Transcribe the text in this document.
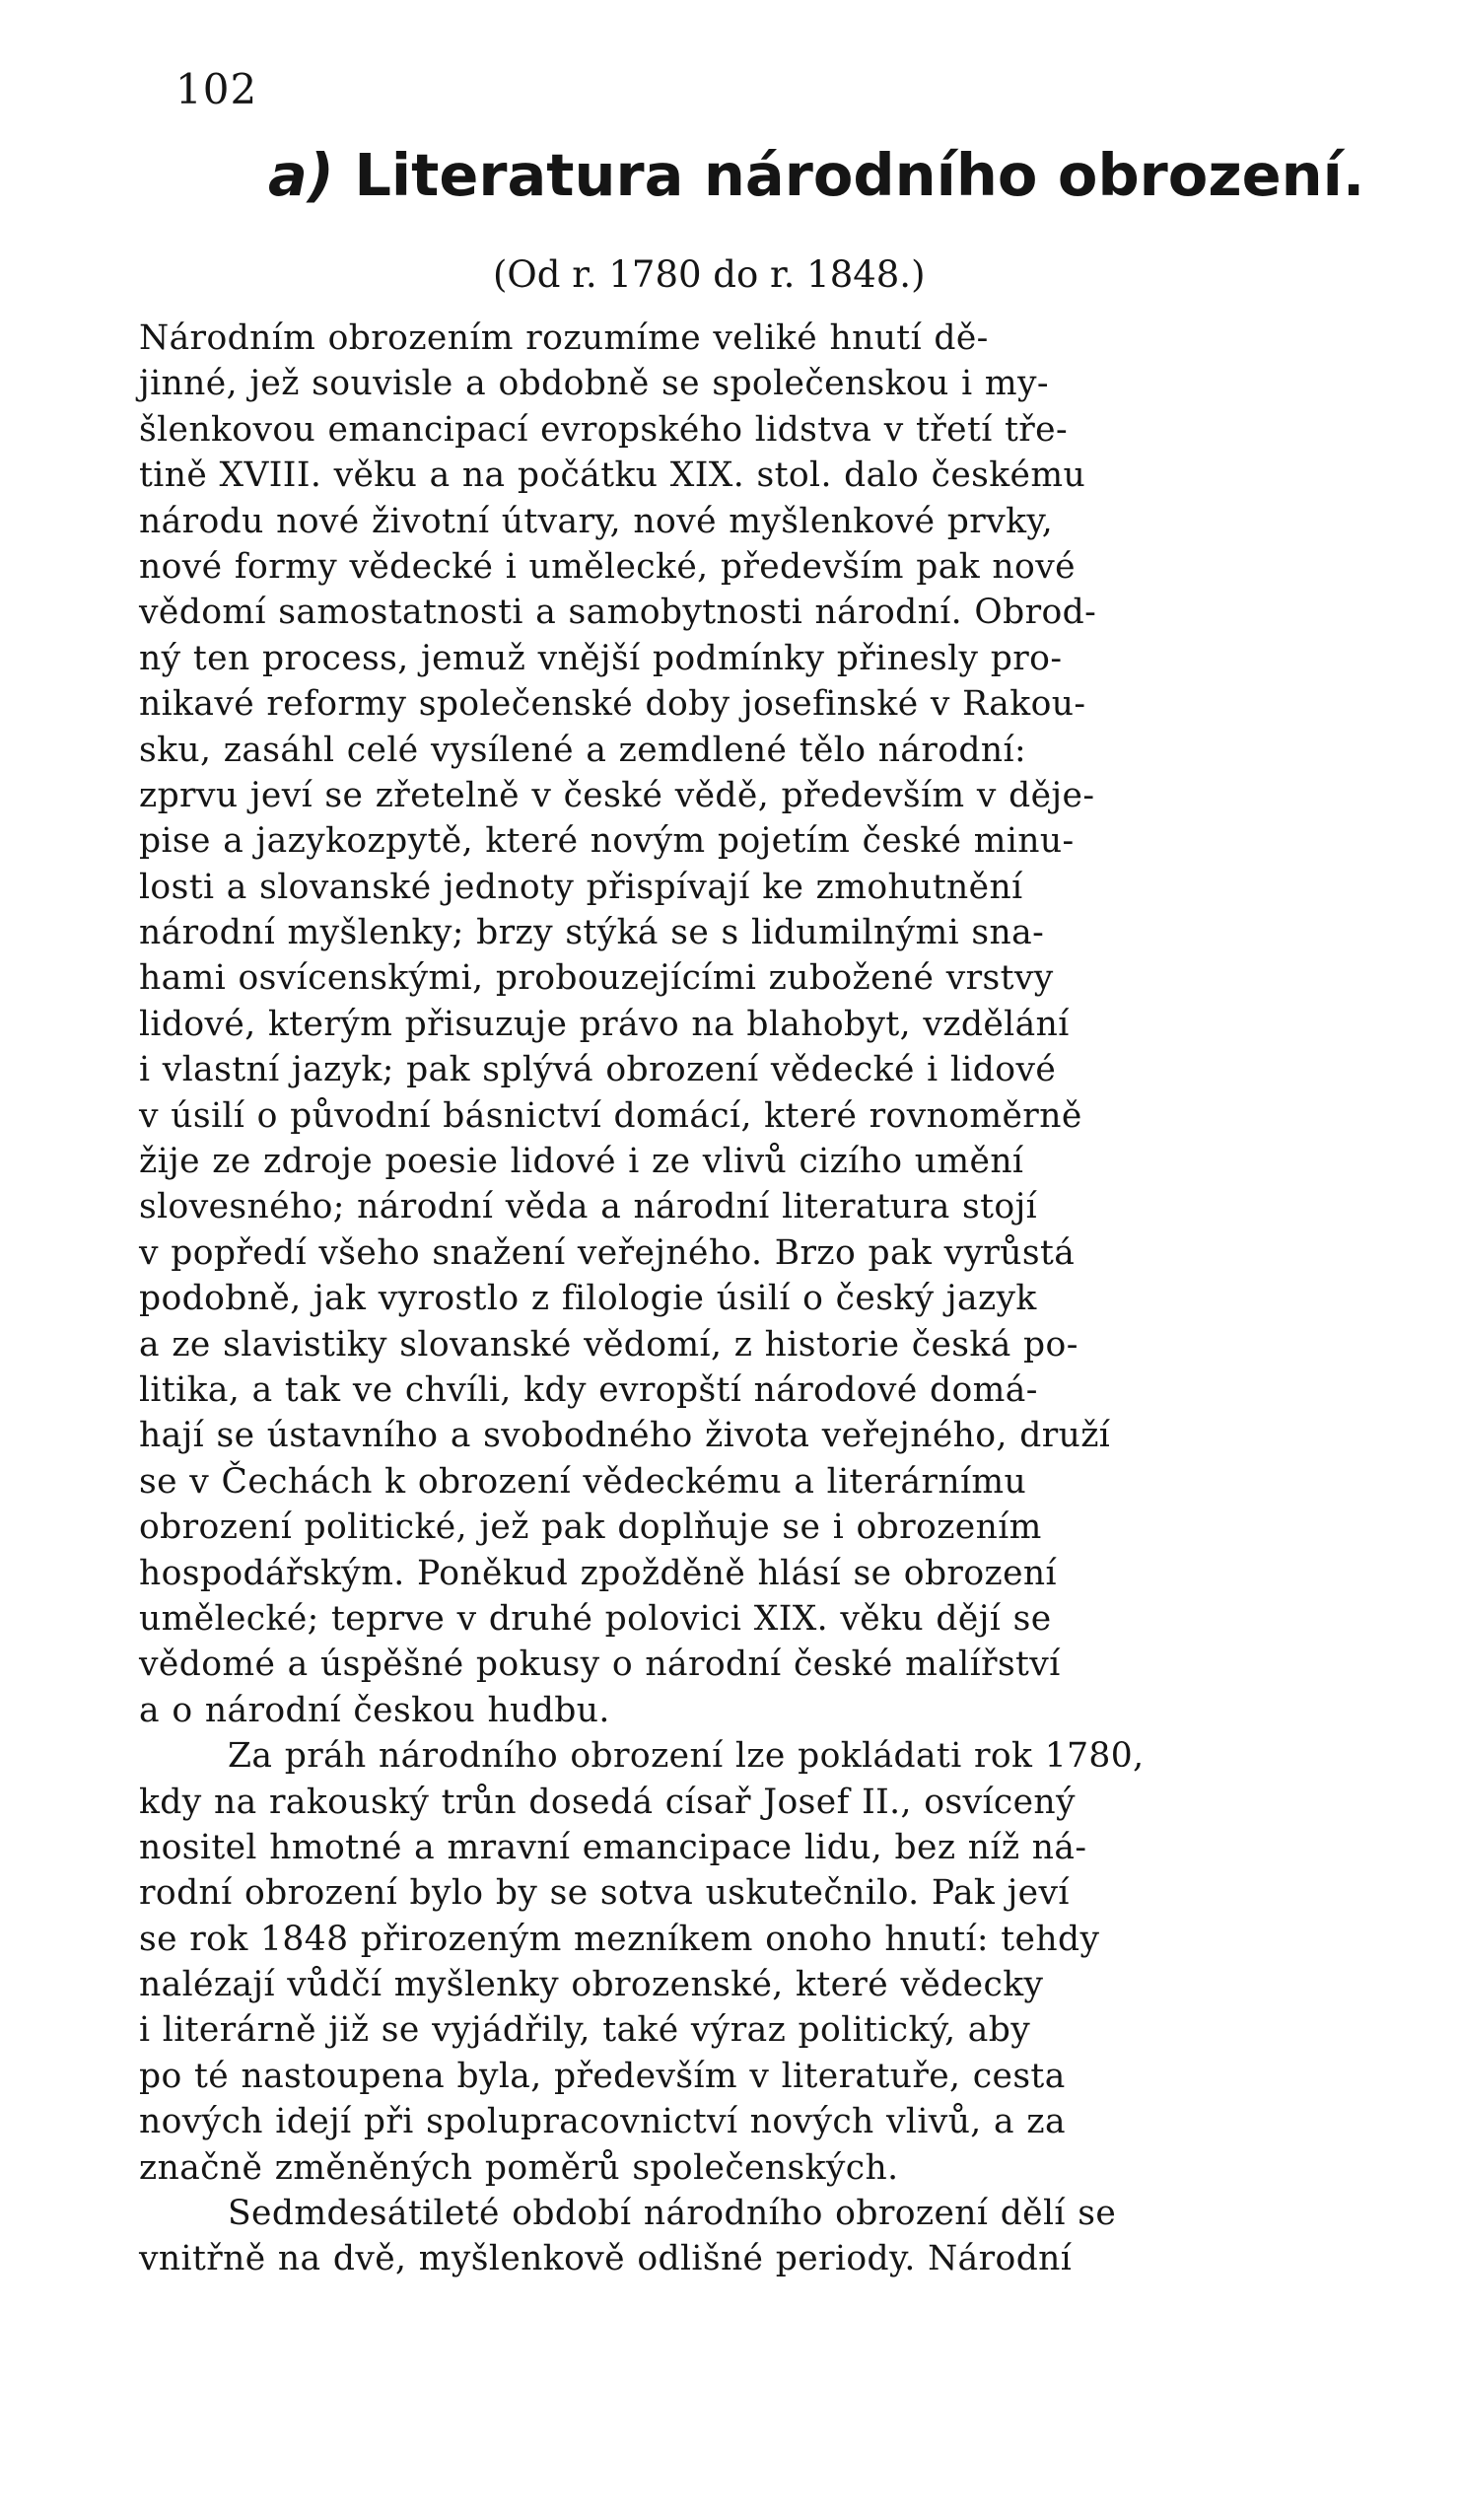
102
a) Literatura národního obrození.
(Od r. 1780 do r. 1848.)
Národním obrozením rozumíme veliké hnutí dě-
jinné, jež souvisle a obdobně se společenskou i my-
šlenkovou emancipací evropského lidstva v třetí tře-
tině XVIII. věku a na počátku XIX. stol. dalo českému
národu nové životní útvary, nové myšlenkové prvky,
nové formy vědecké i umělecké, především pak nové
vědomí samostatnosti a samobytnosti národní. Obrod-
ný ten process, jemuž vnější podmínky přinesly pro-
nikavé reformy společenské doby josefinské v Rakou-
sku, zasáhl celé vysílené a zemdlené tělo národní:
zprvu jeví se zřetelně v české vědě, především v děje-
pise a jazykozpytě, které novým pojetím české minu-
losti a slovanské jednoty přispívají ke zmohutnění
národní myšlenky; brzy stýká se s lidumilnými sna-
hami osvícenskými, probouzejícími zubožené vrstvy
lidové, kterým přisuzuje právo na blahobyt, vzdělání
i vlastní jazyk; pak splývá obrození vědecké i lidové
v úsilí o původní básnictví domácí, které rovnoměrně
žije ze zdroje poesie lidové i ze vlivů cizího umění
slovesného; národní věda a národní literatura stojí
v popředí všeho snažení veřejného. Brzo pak vyrůstá
podobně, jak vyrostlo z filologie úsilí o český jazyk
a ze slavistiky slovanské vědomí, z historie česká po-
litika, a tak ve chvíli, kdy evropští národové domá-
hají se ústavního a svobodného života veřejného, druží
se v Čechách k obrození vědeckému a literárnímu
obrození politické, jež pak doplňuje se i obrozením
hospodářským. Poněkud zpožděně hlásí se obrození
umělecké; teprve v druhé polovici XIX. věku dějí se
vědomé a úspěšné pokusy o národní české malířství
a o národní českou hudbu.
Za práh národního obrození lze pokládati rok 1780,
kdy na rakouský trůn dosedá císař Josef II., osvícený
nositel hmotné a mravní emancipace lidu, bez níž ná-
rodní obrození bylo by se sotva uskutečnilo. Pak jeví
se rok 1848 přirozeným mezníkem onoho hnutí: tehdy
nalézají vůdčí myšlenky obrozenské, které vědecky
i literárně již se vyjádřily, také výraz politický, aby
po té nastoupena byla, především v literatuře, cesta
nových idejí při spolupracovnictví nových vlivů, a za
značně změněných poměrů společenských.
Sedmdesátileté období národního obrození dělí se
vnitřně na dvě, myšlenkově odlišné periody. Národní
